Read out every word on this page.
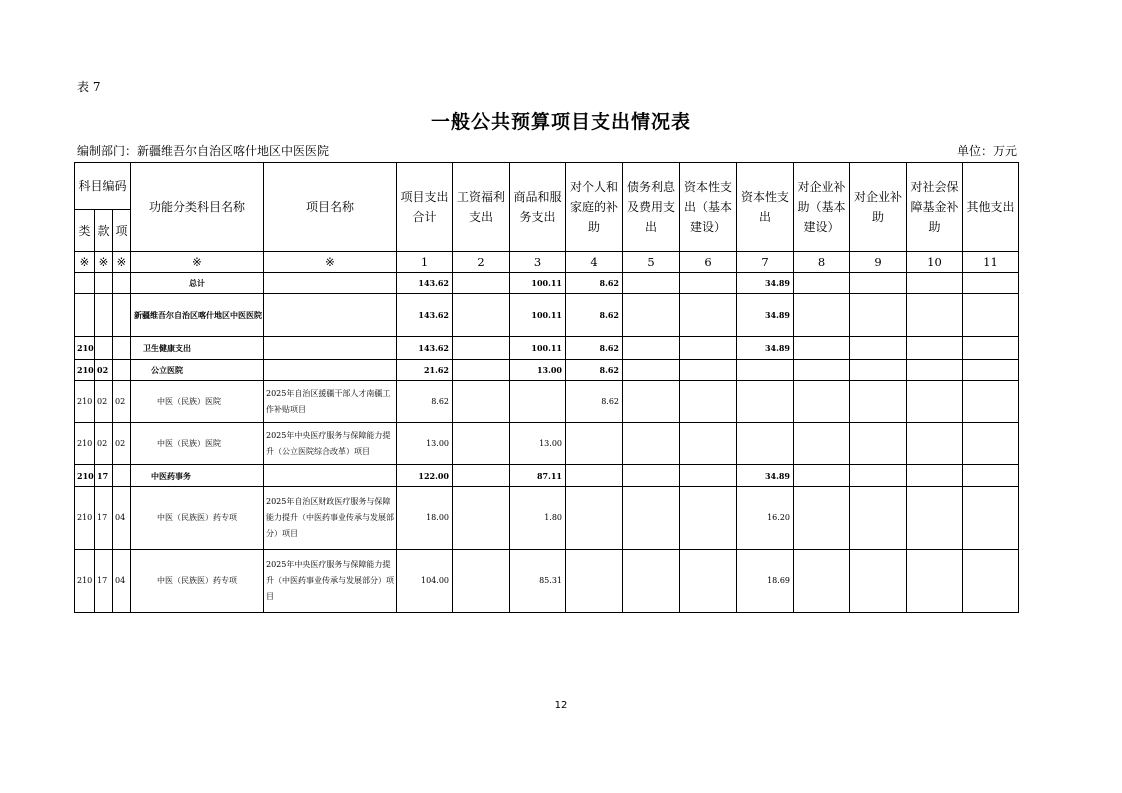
表 7
一般公共预算项目支出情况表
编制部门：新疆维吾尔自治区喀什地区中医医院	单位：万元
科目编码			功能分类科目名称	项目名称	项目支出合计	工资福利支出	商品和服务支出	对个人和家庭的补助	债务利息及费用支出	资本性支出（基本建设）	资本性支出	对企业补助（基本建设）	对企业补助	对社会保障基金补助	其他支出
类	款	项													
※	※	※	※	※	1	2	3	4	5	6	7	8	9	10	11
			总计		143.62		100.11	8.62			34.89				
			新疆维吾尔自治区喀什地区中医医院		143.62		100.11	8.62			34.89				
210			卫生健康支出		143.62		100.11	8.62			34.89				
210	02		公立医院		21.62		13.00	8.62							
210	02	02	中医（民族）医院	2025年自治区援疆干部人才南疆工作补贴项目	8.62			8.62							
210	02	02	中医（民族）医院	2025年中央医疗服务与保障能力提升（公立医院综合改革）项目	13.00		13.00								
210	17		中医药事务		122.00		87.11				34.89				
210	17	04	中医（民族医）药专项	2025年自治区财政医疗服务与保障能力提升（中医药事业传承与发展部分）项目	18.00		1.80				16.20				
210	17	04	中医（民族医）药专项	2025年中央医疗服务与保障能力提升（中医药事业传承与发展部分）项目	104.00		85.31				18.69				
12
